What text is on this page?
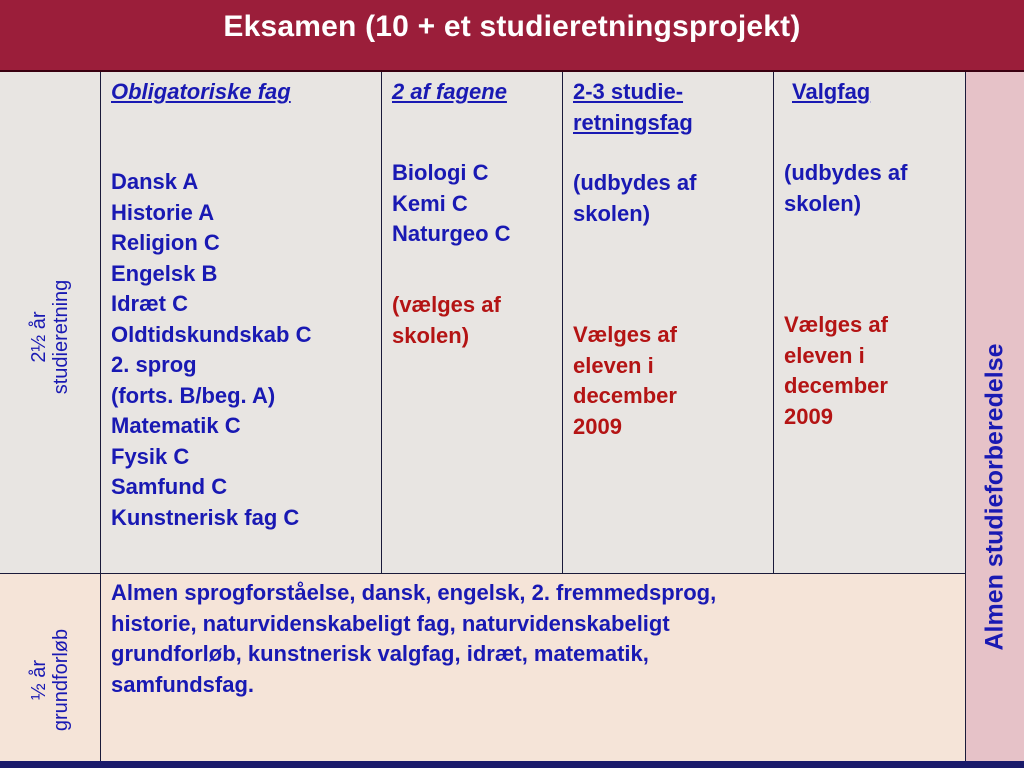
Eksamen (10 + et studieretningsprojekt)
2½ år studieretning
Obligatoriske fag
Dansk A
Historie A
Religion C
Engelsk B
Idræt C
Oldtidskundskab C
2. sprog
(forts. B/beg. A)
Matematik C
Fysik C
Samfund C
Kunstnerisk fag C
2 af fagene
Biologi C
Kemi C
Naturgeo C
(vælges af
skolen)
2-3 studie-
retningsfag
(udbydes af
skolen)
Vælges af
eleven i
december
2009
Valgfag
(udbydes af
skolen)
Vælges af
eleven i
december
2009
½ år grundforløb
Almen sprogforståelse, dansk, engelsk, 2. fremmedsprog,
historie, naturvidenskabeligt fag, naturvidenskabeligt
grundforløb, kunstnerisk valgfag, idræt, matematik,
samfundsfag.
Almen studieforberedelse
